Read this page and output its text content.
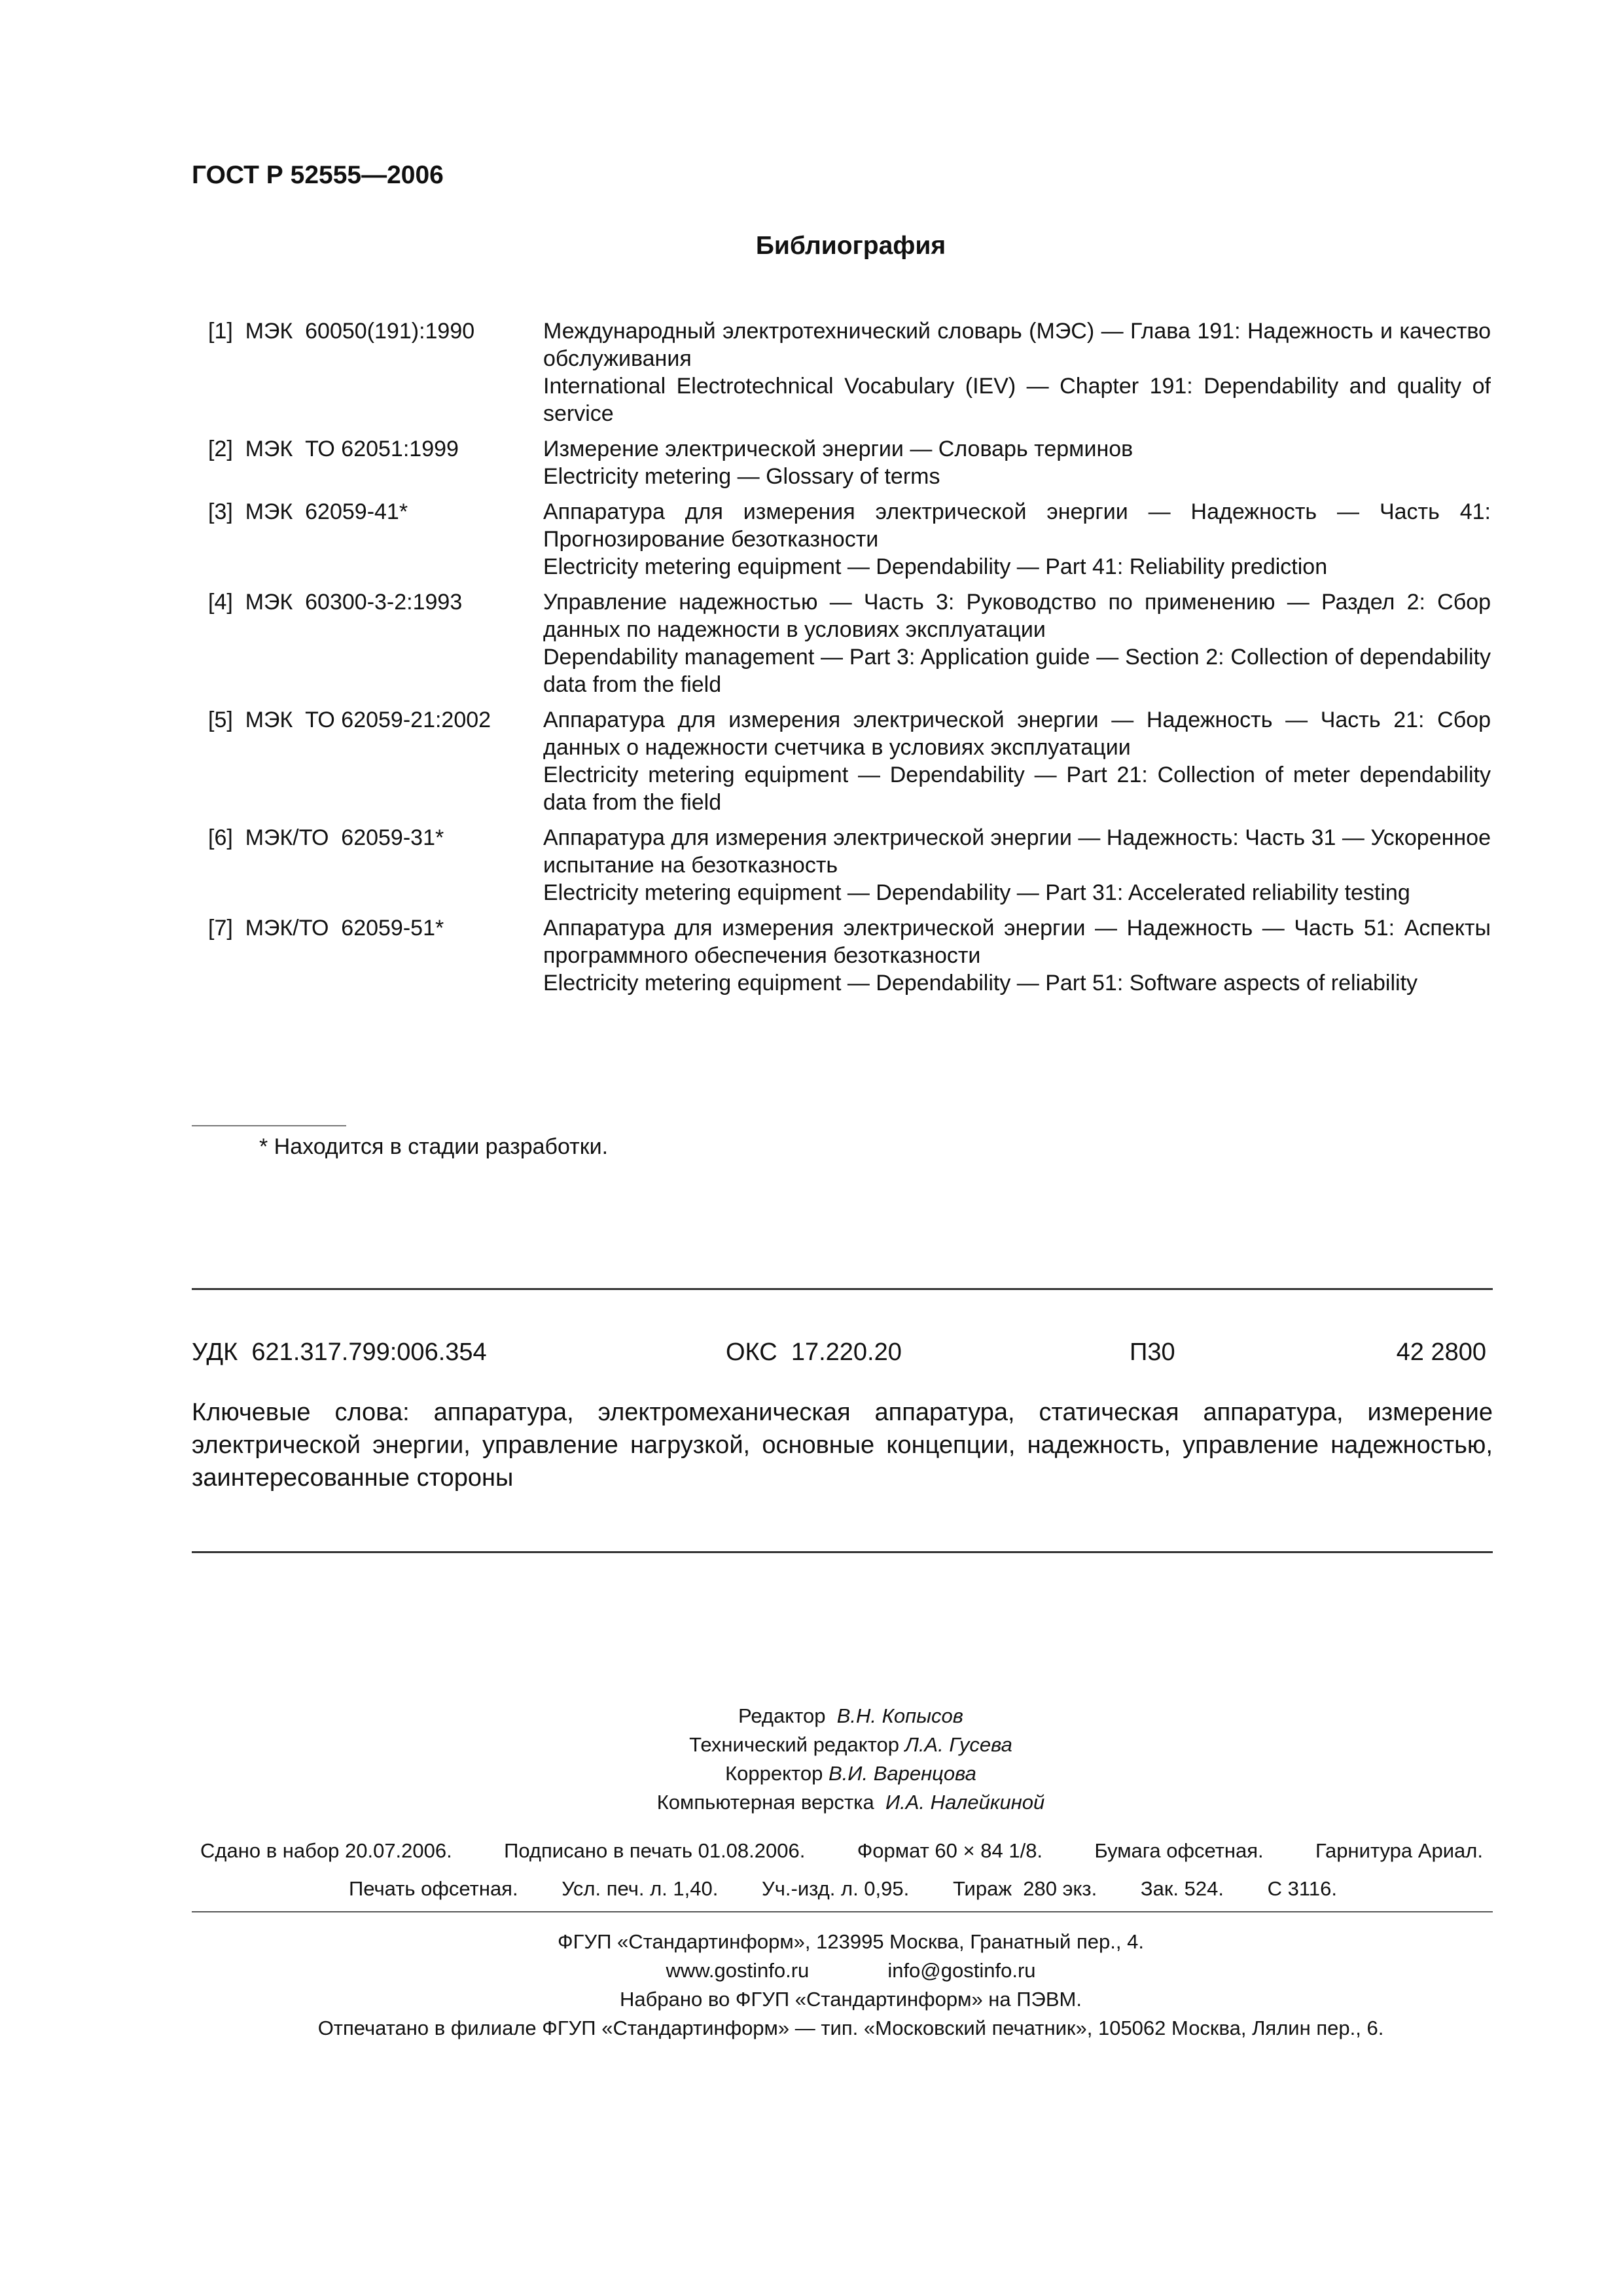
ГОСТ Р 52555—2006
Библиография
[1]  МЭК  60050(191):1990	Международный электротехнический словарь (МЭС) — Глава 191: Надежность и качество обслуживания
International Electrotechnical Vocabulary (IEV) — Chapter 191: Dependability and quality of service
[2]  МЭК  ТО 62051:1999	Измерение электрической энергии — Словарь терминов
Electricity metering — Glossary of terms
[3]  МЭК  62059-41*	Аппаратура для измерения электрической энергии — Надежность — Часть 41: Прогнозирование безотказности
Electricity metering equipment — Dependability — Part 41: Reliability prediction
[4]  МЭК  60300-3-2:1993	Управление надежностью — Часть 3: Руководство по применению — Раздел 2: Сбор данных по надежности в условиях эксплуатации
Dependability management — Part 3: Application guide — Section 2: Collection of dependability data from the field
[5]  МЭК  ТО 62059-21:2002	Аппаратура для измерения электрической энергии — Надежность — Часть 21: Сбор данных о надежности счетчика в условиях эксплуатации
Electricity metering equipment — Dependability — Part 21: Collection of meter dependability data from the field
[6]  МЭК/ТО  62059-31*	Аппаратура для измерения электрической энергии — Надежность: Часть 31 — Ускоренное испытание на безотказность
Electricity metering equipment — Dependability — Part 31: Accelerated reliability testing
[7]  МЭК/ТО  62059-51*	Аппаратура для измерения электрической энергии — Надежность — Часть 51: Аспекты программного обеспечения безотказности
Electricity metering equipment — Dependability — Part 51: Software aspects of reliability
* Находится в стадии разработки.
УДК  621.317.799:006.354	ОКС  17.220.20	П30	42 2800
Ключевые слова: аппаратура, электромеханическая аппаратура, статическая аппаратура, измерение электрической энергии, управление нагрузкой, основные концепции, надежность, управление надежностью, заинтересованные стороны
Редактор В.Н. Копысов
Технический редактор Л.А. Гусева
Корректор В.И. Варенцова
Компьютерная верстка И.А. Налейкиной
Сдано в набор 20.07.2006.	Подписано в печать 01.08.2006.	Формат 60 × 84 1/8.	Бумага офсетная.	Гарнитура Ариал.
Печать офсетная. Усл. печ. л. 1,40. Уч.-изд. л. 0,95. Тираж  280 экз. Зак. 524. С 3116.
ФГУП «Стандартинформ», 123995 Москва, Гранатный пер., 4.
www.gostinfo.ru	info@gostinfo.ru
Набрано во ФГУП «Стандартинформ» на ПЭВМ.
Отпечатано в филиале ФГУП «Стандартинформ» — тип. «Московский печатник», 105062 Москва, Лялин пер., 6.
